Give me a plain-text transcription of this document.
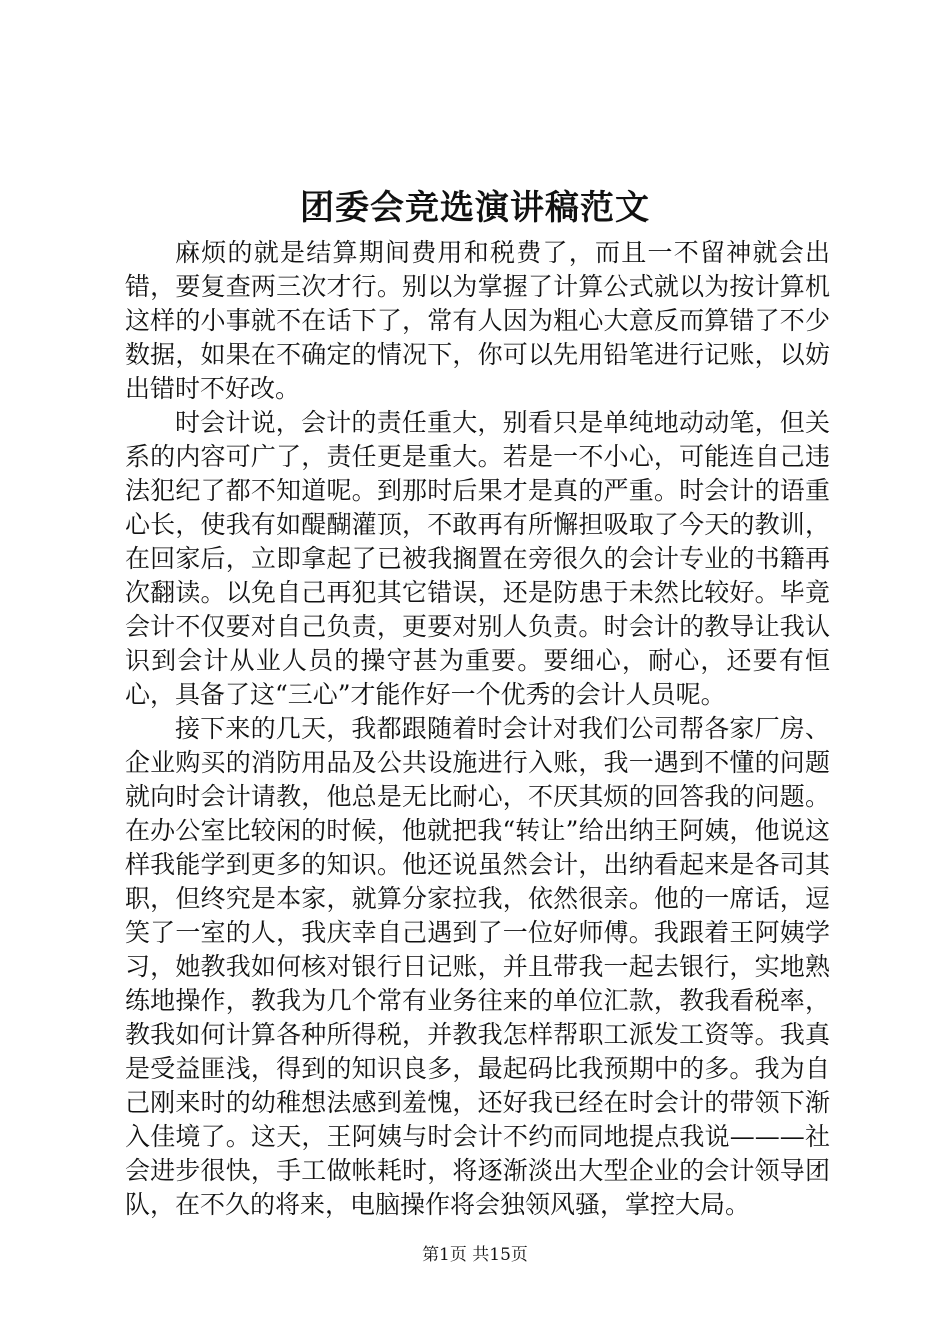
团委会竞选演讲稿范文

麻烦的就是结算期间费用和税费了，而且一不留神就会出错，要复查两三次才行。别以为掌握了计算公式就以为按计算机这样的小事就不在话下了，常有人因为粗心大意反而算错了不少数据，如果在不确定的情况下，你可以先用铅笔进行记账，以妨出错时不好改。

时会计说，会计的责任重大，别看只是单纯地动动笔，但关系的内容可广了，责任更是重大。若是一不小心，可能连自己违法犯纪了都不知道呢。到那时后果才是真的严重。时会计的语重心长，使我有如醍醐灌顶，不敢再有所懈担吸取了今天的教训，在回家后，立即拿起了已被我搁置在旁很久的会计专业的书籍再次翻读。以免自己再犯其它错误，还是防患于未然比较好。毕竟会计不仅要对自己负责，更要对别人负责。时会计的教导让我认识到会计从业人员的操守甚为重要。要细心，耐心，还要有恒心，具备了这“三心”才能作好一个优秀的会计人员呢。

接下来的几天，我都跟随着时会计对我们公司帮各家厂房、企业购买的消防用品及公共设施进行入账，我一遇到不懂的问题就向时会计请教，他总是无比耐心，不厌其烦的回答我的问题。在办公室比较闲的时候，他就把我“转让”给出纳王阿姨，他说这样我能学到更多的知识。他还说虽然会计，出纳看起来是各司其职，但终究是本家，就算分家拉我，依然很亲。他的一席话，逗笑了一室的人，我庆幸自己遇到了一位好师傅。我跟着王阿姨学习，她教我如何核对银行日记账，并且带我一起去银行，实地熟练地操作，教我为几个常有业务往来的单位汇款，教我看税率，教我如何计算各种所得税，并教我怎样帮职工派发工资等。我真是受益匪浅，得到的知识良多，最起码比我预期中的多。我为自己刚来时的幼稚想法感到羞愧，还好我已经在时会计的带领下渐入佳境了。这天，王阿姨与时会计不约而同地提点我说———社会进步很快，手工做帐耗时，将逐渐淡出大型企业的会计领导团队，在不久的将来，电脑操作将会独领风骚，掌控大局。

第1页 共15页
